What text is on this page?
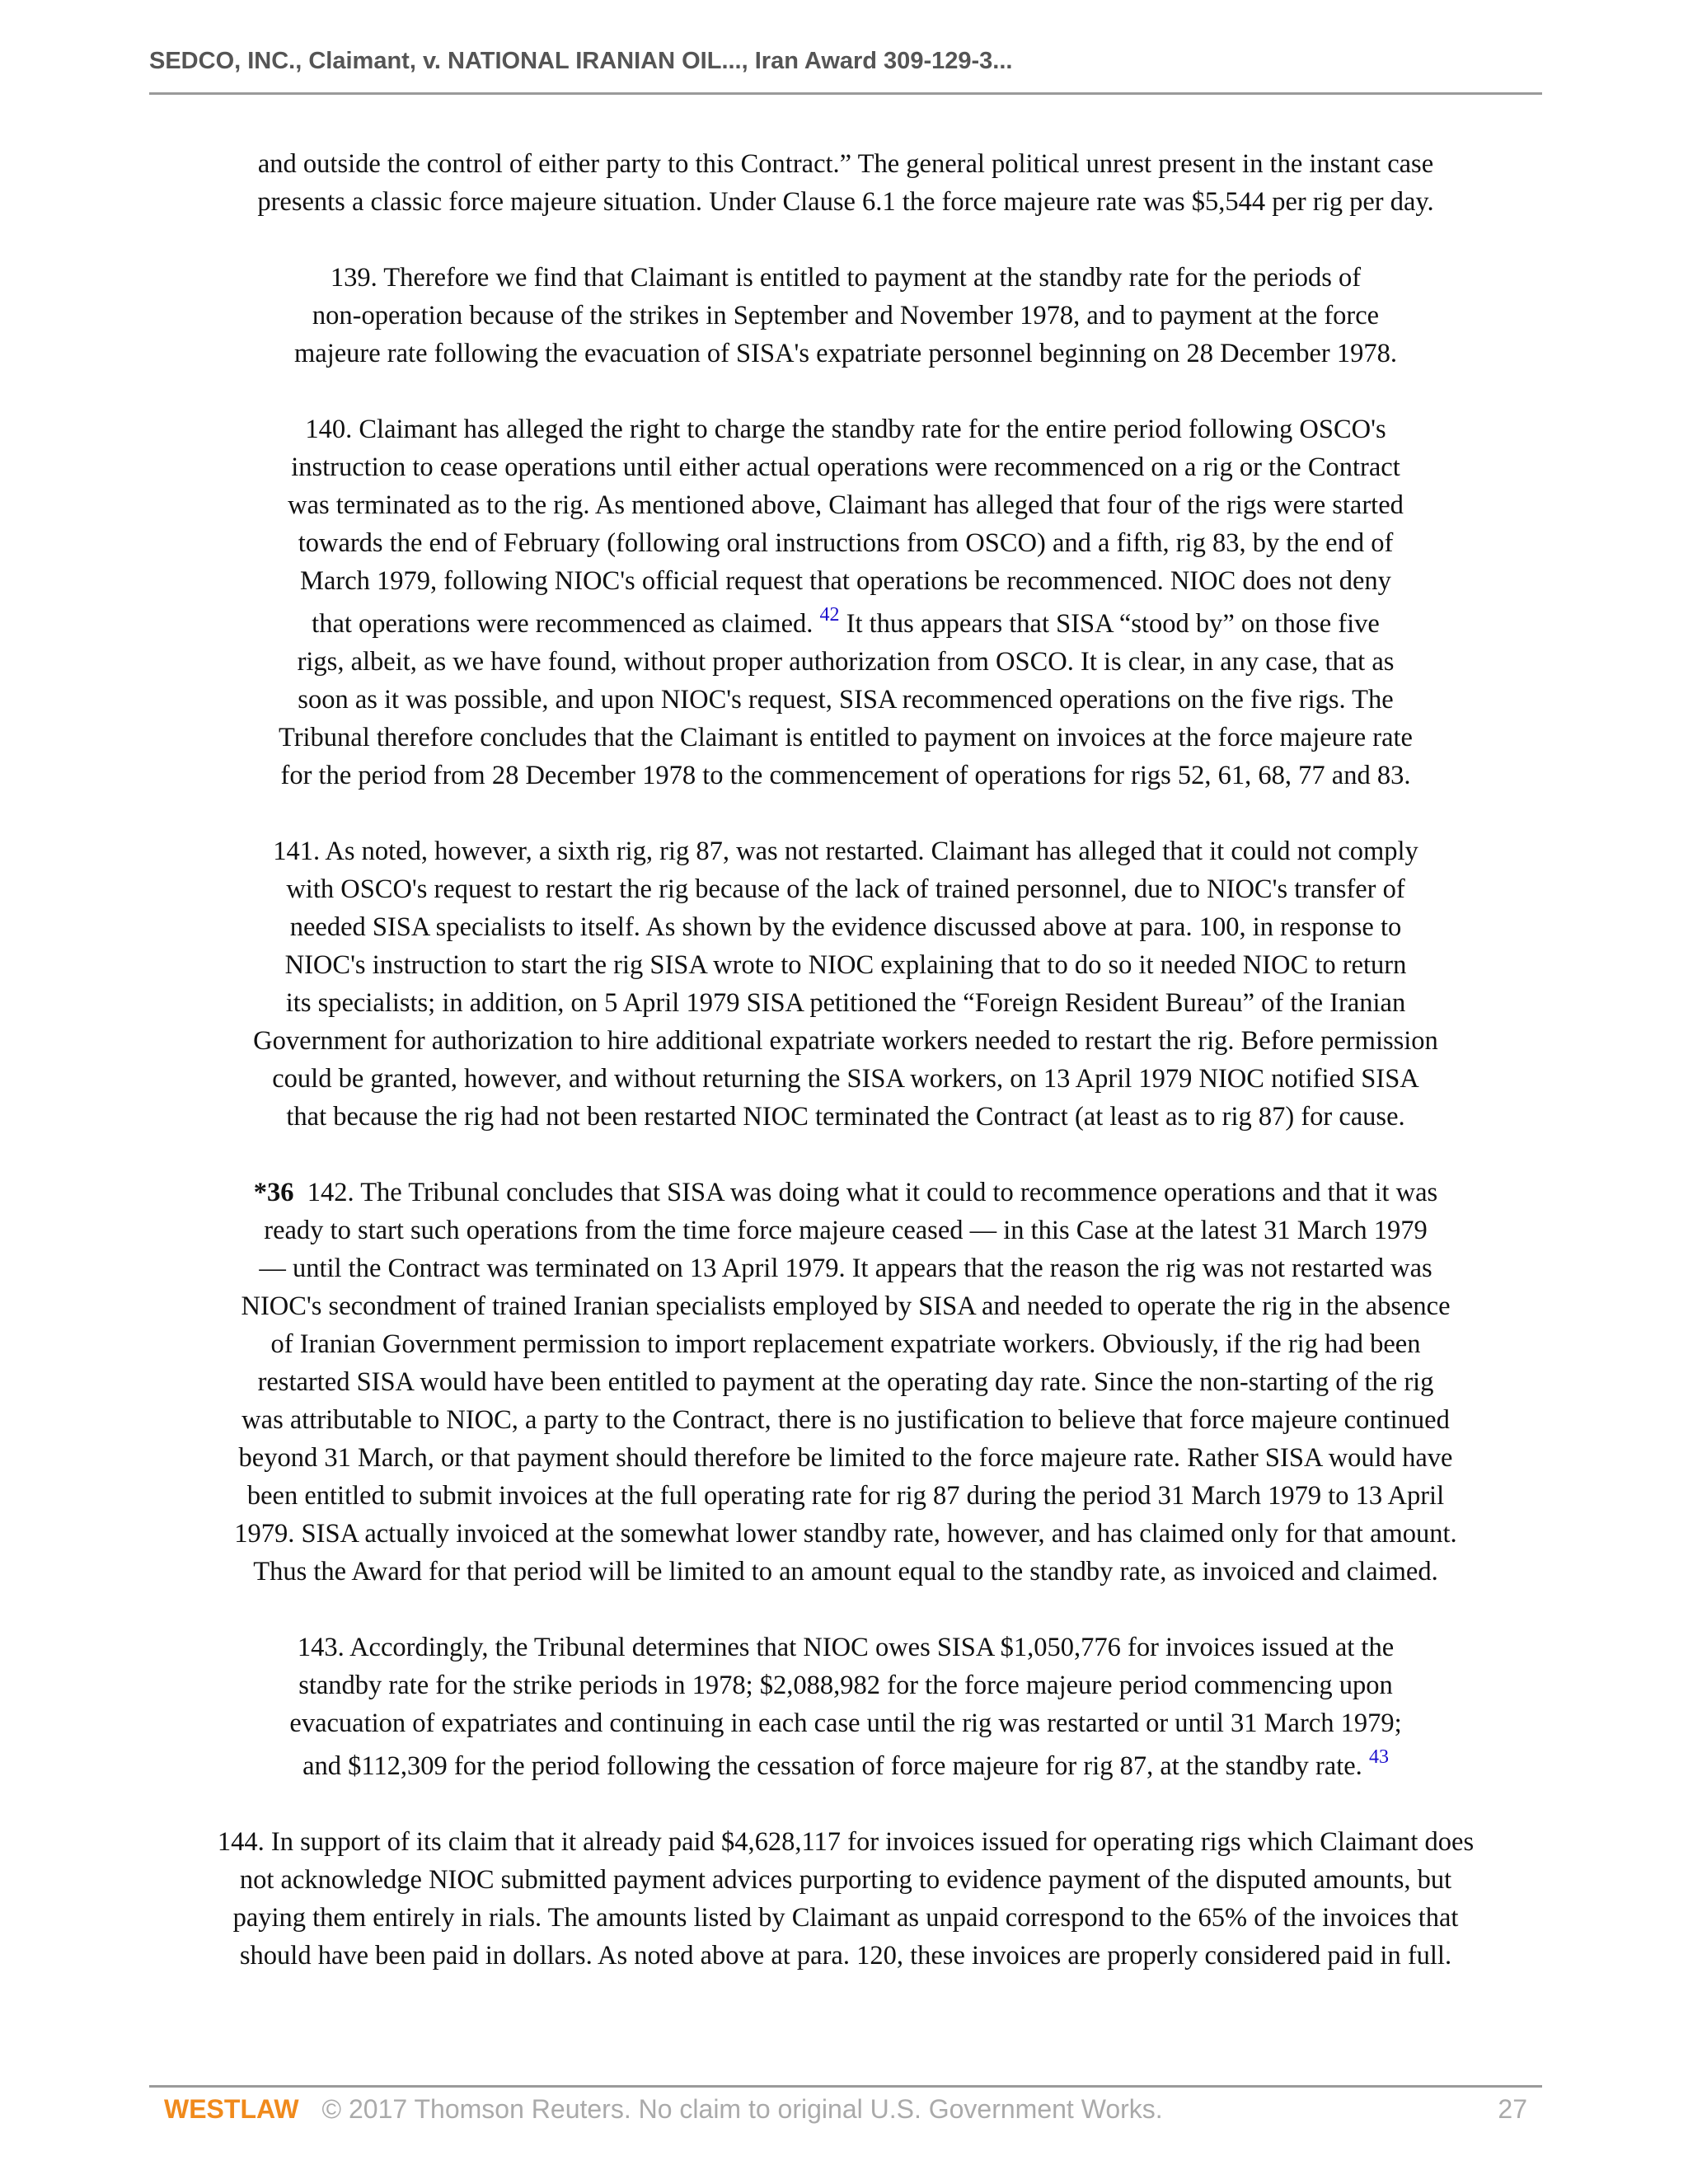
SEDCO, INC., Claimant, v. NATIONAL IRANIAN OIL..., Iran Award 309-129-3...
and outside the control of either party to this Contract.” The general political unrest present in the instant case
presents a classic force majeure situation. Under Clause 6.1 the force majeure rate was $5,544 per rig per day.
139. Therefore we find that Claimant is entitled to payment at the standby rate for the periods of
non-operation because of the strikes in September and November 1978, and to payment at the force
majeure rate following the evacuation of SISA's expatriate personnel beginning on 28 December 1978.
140. Claimant has alleged the right to charge the standby rate for the entire period following OSCO's
instruction to cease operations until either actual operations were recommenced on a rig or the Contract
was terminated as to the rig. As mentioned above, Claimant has alleged that four of the rigs were started
towards the end of February (following oral instructions from OSCO) and a fifth, rig 83, by the end of
March 1979, following NIOC's official request that operations be recommenced. NIOC does not deny
that operations were recommenced as claimed. $^{42}$ It thus appears that SISA “stood by” on those five
rigs, albeit, as we have found, without proper authorization from OSCO. It is clear, in any case, that as
soon as it was possible, and upon NIOC's request, SISA recommenced operations on the five rigs. The
Tribunal therefore concludes that the Claimant is entitled to payment on invoices at the force majeure rate
for the period from 28 December 1978 to the commencement of operations for rigs 52, 61, 68, 77 and 83.
141. As noted, however, a sixth rig, rig 87, was not restarted. Claimant has alleged that it could not comply
with OSCO's request to restart the rig because of the lack of trained personnel, due to NIOC's transfer of
needed SISA specialists to itself. As shown by the evidence discussed above at para. 100, in response to
NIOC's instruction to start the rig SISA wrote to NIOC explaining that to do so it needed NIOC to return
its specialists; in addition, on 5 April 1979 SISA petitioned the “Foreign Resident Bureau” of the Iranian
Government for authorization to hire additional expatriate workers needed to restart the rig. Before permission
could be granted, however, and without returning the SISA workers, on 13 April 1979 NIOC notified SISA
that because the rig had not been restarted NIOC terminated the Contract (at least as to rig 87) for cause.
*36 142. The Tribunal concludes that SISA was doing what it could to recommence operations and that it was
ready to start such operations from the time force majeure ceased — in this Case at the latest 31 March 1979
— until the Contract was terminated on 13 April 1979. It appears that the reason the rig was not restarted was
NIOC's secondment of trained Iranian specialists employed by SISA and needed to operate the rig in the absence
of Iranian Government permission to import replacement expatriate workers. Obviously, if the rig had been
restarted SISA would have been entitled to payment at the operating day rate. Since the non-starting of the rig
was attributable to NIOC, a party to the Contract, there is no justification to believe that force majeure continued
beyond 31 March, or that payment should therefore be limited to the force majeure rate. Rather SISA would have
been entitled to submit invoices at the full operating rate for rig 87 during the period 31 March 1979 to 13 April
1979. SISA actually invoiced at the somewhat lower standby rate, however, and has claimed only for that amount.
Thus the Award for that period will be limited to an amount equal to the standby rate, as invoiced and claimed.
143. Accordingly, the Tribunal determines that NIOC owes SISA $1,050,776 for invoices issued at the
standby rate for the strike periods in 1978; $2,088,982 for the force majeure period commencing upon
evacuation of expatriates and continuing in each case until the rig was restarted or until 31 March 1979;
and $112,309 for the period following the cessation of force majeure for rig 87, at the standby rate. $^{43}$
144. In support of its claim that it already paid $4,628,117 for invoices issued for operating rigs which Claimant does
not acknowledge NIOC submitted payment advices purporting to evidence payment of the disputed amounts, but
paying them entirely in rials. The amounts listed by Claimant as unpaid correspond to the 65% of the invoices that
should have been paid in dollars. As noted above at para. 120, these invoices are properly considered paid in full.
WESTLAW © 2017 Thomson Reuters. No claim to original U.S. Government Works.	27
